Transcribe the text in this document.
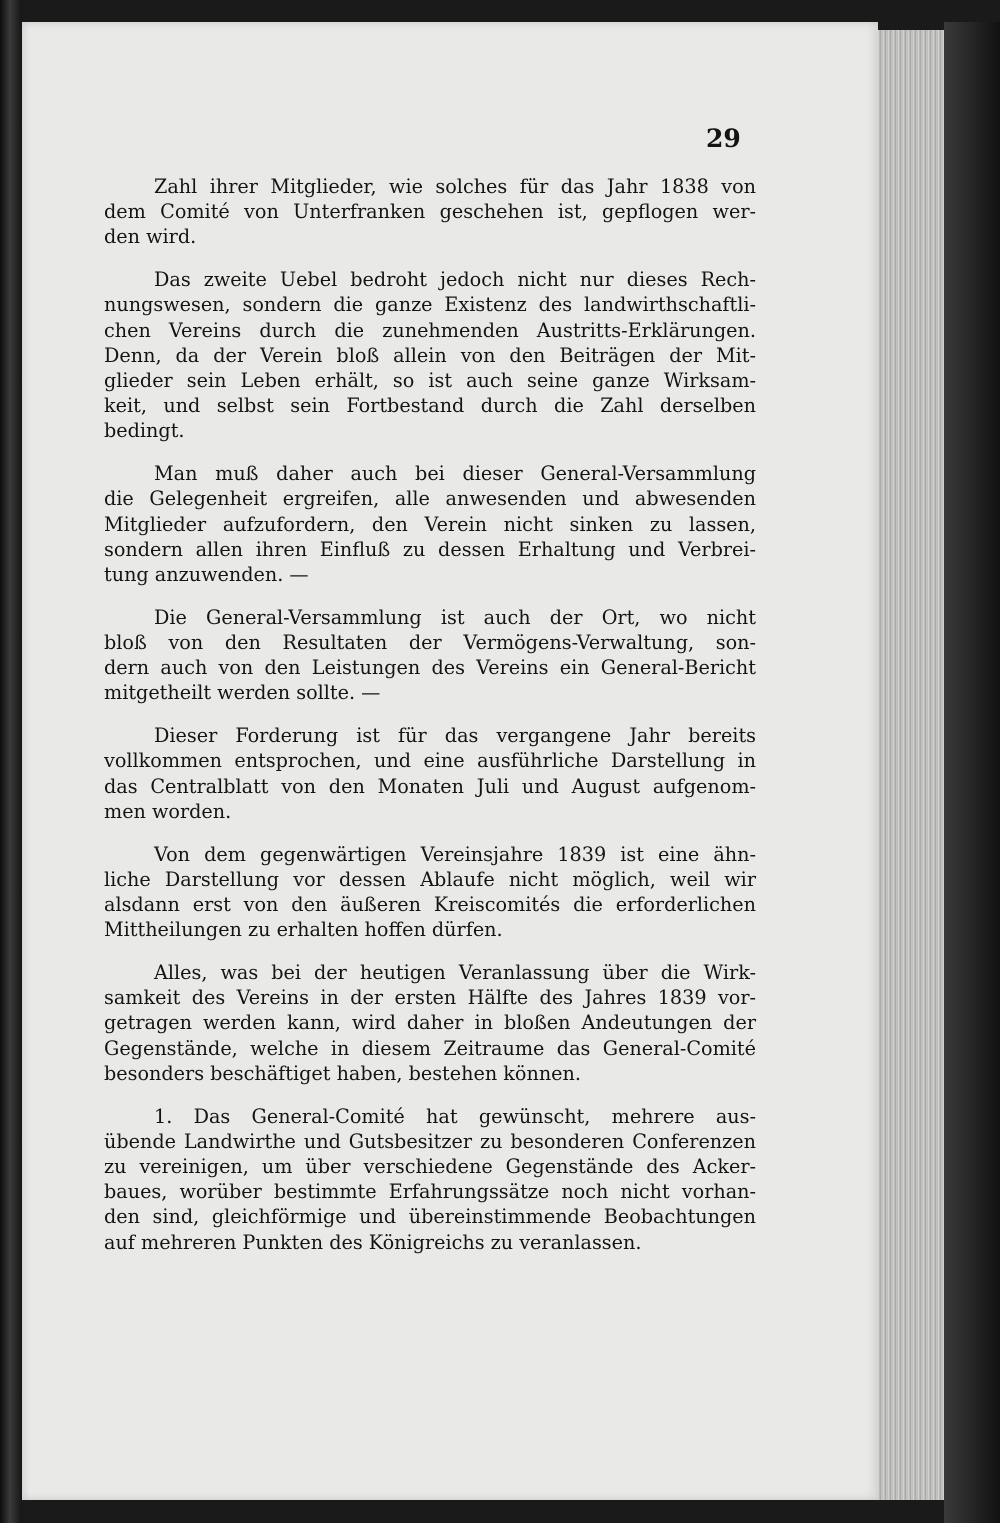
29
Zahl ihrer Mitglieder, wie solches für das Jahr 1838 von
dem Comité von Unterfranken geschehen ist, gepflogen wer-
den wird.
Das zweite Uebel bedroht jedoch nicht nur dieses Rech-
nungswesen, sondern die ganze Existenz des landwirthschaftli-
chen Vereins durch die zunehmenden Austritts-Erklärungen.
Denn, da der Verein bloß allein von den Beiträgen der Mit-
glieder sein Leben erhält, so ist auch seine ganze Wirksam-
keit, und selbst sein Fortbestand durch die Zahl derselben
bedingt.
Man muß daher auch bei dieser General-Versammlung
die Gelegenheit ergreifen, alle anwesenden und abwesenden
Mitglieder aufzufordern, den Verein nicht sinken zu lassen,
sondern allen ihren Einfluß zu dessen Erhaltung und Verbrei-
tung anzuwenden. —
Die General-Versammlung ist auch der Ort, wo nicht
bloß von den Resultaten der Vermögens-Verwaltung, son-
dern auch von den Leistungen des Vereins ein General-Bericht
mitgetheilt werden sollte. —
Dieser Forderung ist für das vergangene Jahr bereits
vollkommen entsprochen, und eine ausführliche Darstellung in
das Centralblatt von den Monaten Juli und August aufgenom-
men worden.
Von dem gegenwärtigen Vereinsjahre 1839 ist eine ähn-
liche Darstellung vor dessen Ablaufe nicht möglich, weil wir
alsdann erst von den äußeren Kreiscomités die erforderlichen
Mittheilungen zu erhalten hoffen dürfen.
Alles, was bei der heutigen Veranlassung über die Wirk-
samkeit des Vereins in der ersten Hälfte des Jahres 1839 vor-
getragen werden kann, wird daher in bloßen Andeutungen der
Gegenstände, welche in diesem Zeitraume das General-Comité
besonders beschäftiget haben, bestehen können.
1. Das General-Comité hat gewünscht, mehrere aus-
übende Landwirthe und Gutsbesitzer zu besonderen Conferenzen
zu vereinigen, um über verschiedene Gegenstände des Acker-
baues, worüber bestimmte Erfahrungssätze noch nicht vorhan-
den sind, gleichförmige und übereinstimmende Beobachtungen
auf mehreren Punkten des Königreichs zu veranlassen.
